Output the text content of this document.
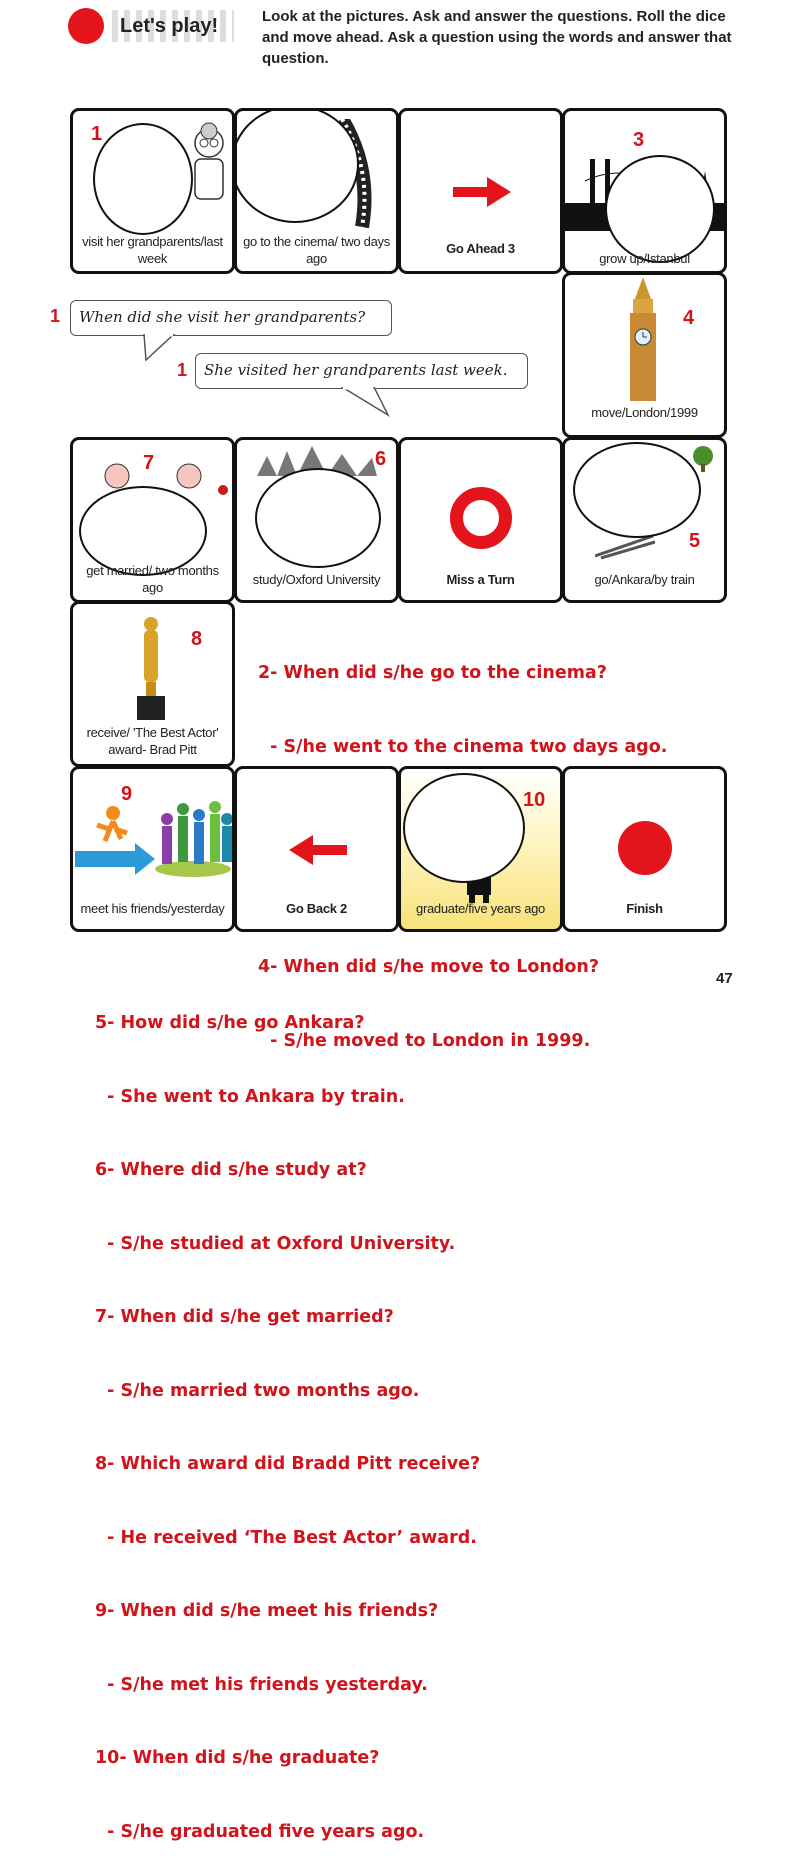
Let's play!	Look at the pictures. Ask and answer the questions. Roll the dice and move ahead. Ask a question using the words and answer that question.
1
visit her grandparents/last week
go to the cinema/ two days ago
Go Ahead 3
3
grow up/Istanbul
4
move/London/1999
1	When did she visit her grandparents?
1	She visited her grandparents last week.
7
get married/ two months ago
6
study/Oxford University	Miss a Turn
5
go/Ankara/by train
8
receive/ 'The Best Actor' award- Brad Pitt

2- When did s/he go to the cinema?

- S/he went to the cinema two days ago.

4- When did s/he move to London?

- S/he moved to London in 1999.

9
meet his friends/yesterday	Go Back 2
10
graduate/five years ago	Finish

5- How did s/he go Ankara?

- She went to Ankara by train.

6- Where did s/he study at?

- S/he studied at Oxford University.

7- When did s/he get married?

- S/he married two months ago.

8- Which award did Bradd Pitt receive?

- He received ‘The Best Actor’ award.

9- When did s/he meet his friends?

- S/he met his friends yesterday.

10- When did s/he graduate?

- S/he graduated five years ago.

47
